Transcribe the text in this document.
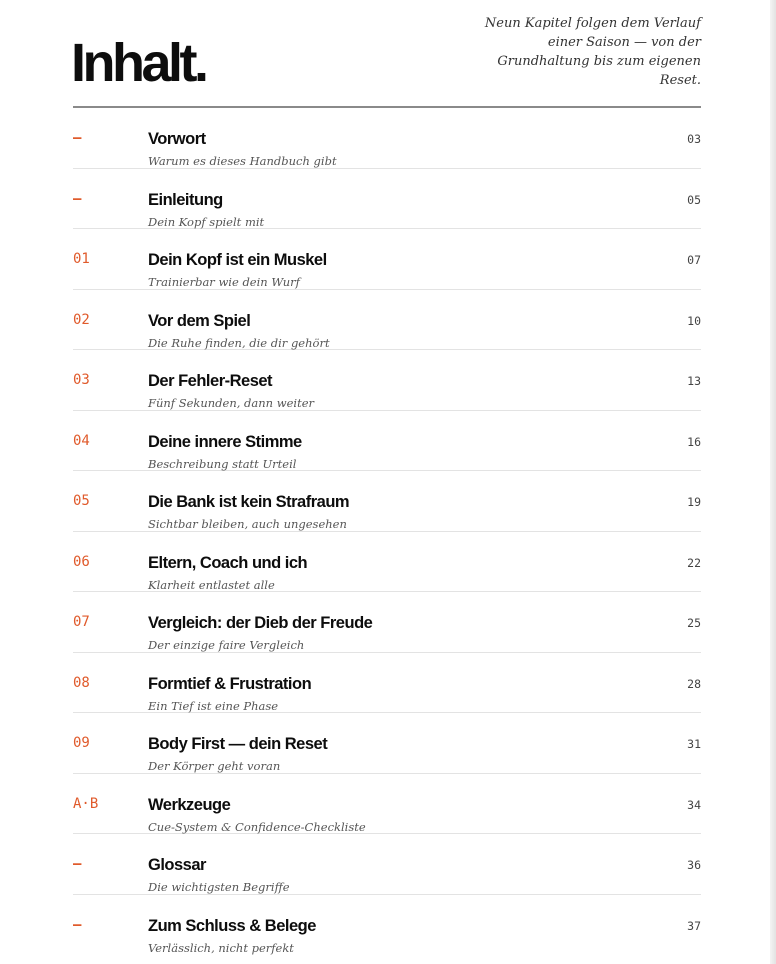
Inhalt.

Neun Kapitel folgen dem Verlauf einer Saison — von der Grundhaltung bis zum eigenen Reset.

—	Vorwort
Warum es dieses Handbuch gibt
03
—	Einleitung
Dein Kopf spielt mit
05
01	Dein Kopf ist ein Muskel
Trainierbar wie dein Wurf
07
02	Vor dem Spiel
Die Ruhe finden, die dir gehört
10
03	Der Fehler-Reset
Fünf Sekunden, dann weiter
13
04	Deine innere Stimme
Beschreibung statt Urteil
16
05	Die Bank ist kein Strafraum
Sichtbar bleiben, auch ungesehen
19
06	Eltern, Coach und ich
Klarheit entlastet alle
22
07	Vergleich: der Dieb der Freude
Der einzige faire Vergleich
25
08	Formtief & Frustration
Ein Tief ist eine Phase
28
09	Body First — dein Reset
Der Körper geht voran
31
A·B	Werkzeuge
Cue-System & Confidence-Checkliste
34
—	Glossar
Die wichtigsten Begriffe
36
—	Zum Schluss & Belege
Verlässlich, nicht perfekt
37
